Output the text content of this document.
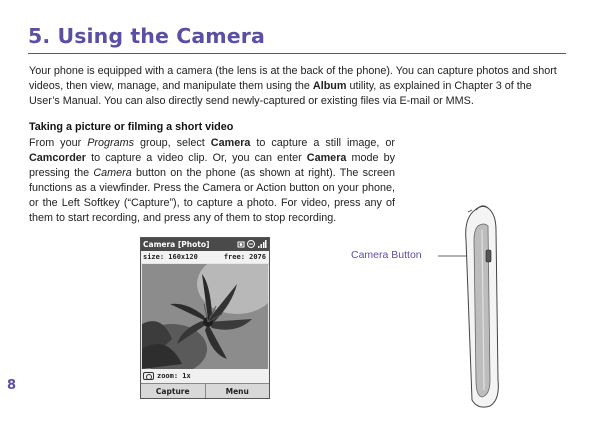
5. Using the Camera

Your phone is equipped with a camera (the lens is at the back of the phone). You can capture photos and short videos, then view, manage, and manipulate them using the Album utility, as explained in Chapter 3 of the User’s Manual. You can also directly send newly-captured or existing files via E-mail or MMS.

Taking a picture or filming a short video

From your Programs group, select Camera to capture a still image, or Camcorder to capture a video clip. Or, you can enter Camera mode by pressing the Camera button on the phone (as shown at right). The screen functions as a viewfinder. Press the Camera or Action button on your phone, or the Left Softkey (“Capture”), to capture a photo. For video, press any of them to start recording, and press any of them to stop recording.

Camera [Photo]
size: 160x120	free: 2076
zoom: 1x
Capture	Menu
Camera Button
8
